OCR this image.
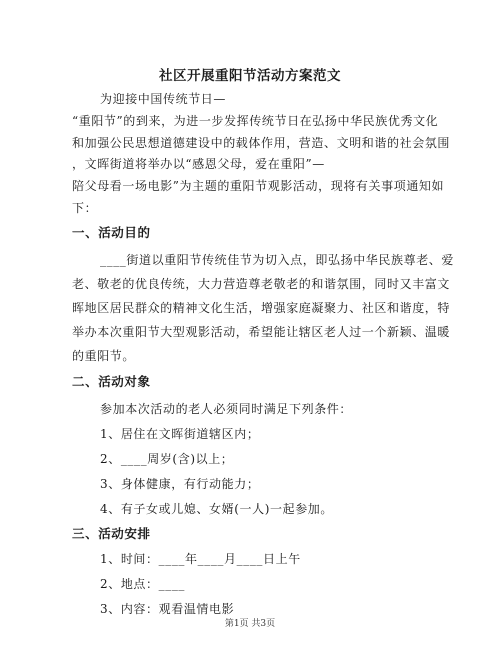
社区开展重阳节活动方案范文
为迎接中国传统节日—
“重阳节”的到来，为进一步发挥传统节日在弘扬中华民族优秀文化
和加强公民思想道德建设中的载体作用，营造、文明和谐的社会氛围
，文晖街道将举办以“感恩父母，爱在重阳”—
陪父母看一场电影”为主题的重阳节观影活动，现将有关事项通知如
下：
一、活动目的
____街道以重阳节传统佳节为切入点，即弘扬中华民族尊老、爱
老、敬老的优良传统，大力营造尊老敬老的和谐氛围，同时又丰富文
晖地区居民群众的精神文化生活，增强家庭凝聚力、社区和谐度，特
举办本次重阳节大型观影活动，希望能让辖区老人过一个新颖、温暖
的重阳节。
二、活动对象
参加本次活动的老人必须同时满足下列条件：
1、居住在文晖街道辖区内；
2、____周岁(含)以上；
3、身体健康，有行动能力；
4、有子女或儿媳、女婿(一人)一起参加。
三、活动安排
1、时间：____年____月____日上午
2、地点：____
3、内容：观看温情电影
第1页 共3页
